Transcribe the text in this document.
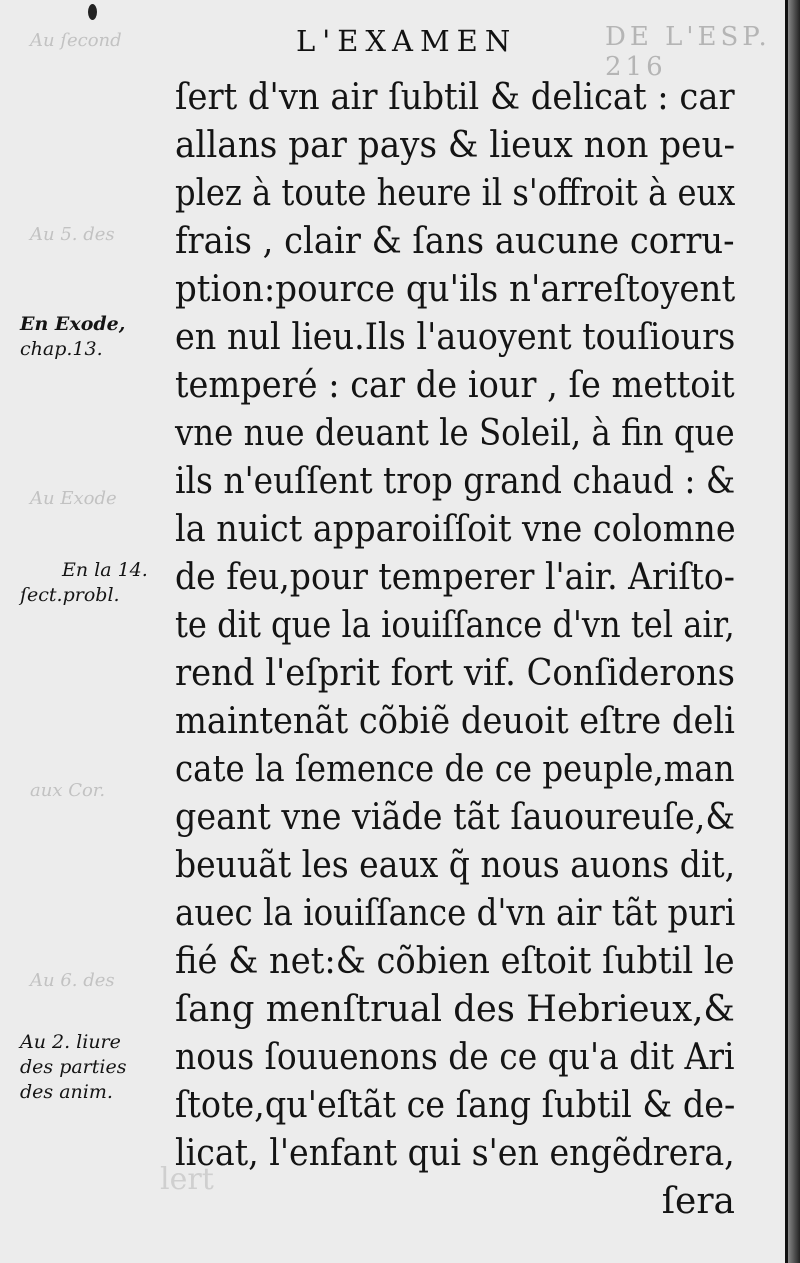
L'EXAMEN	DE L'ESP. 216
Au ſecond
Au 5. des
Au Exode
aux Cor.
Au 6. des
lert
En Exode,
chap.13.
En la 14.
ſect.probl.
Au 2. liure
des parties
des anim.
ſert d'vn air ſubtil & delicat : car
allans par pays & lieux non peu-
plez à toute heure il s'offroit à eux
frais , clair & ſans aucune corru-
ption:pource qu'ils n'arreſtoyent
en nul lieu.Ils l'auoyent touſiours
temperé : car de iour , ſe mettoit
vne nue deuant le Soleil, à fin que
ils n'euſſent trop grand chaud : &
la nuict apparoiſſoit vne colomne
de feu,pour temperer l'air. Ariſto-
te dit que la iouiſſance d'vn tel air,
rend l'eſprit fort vif. Conſiderons
maintenãt cõbiẽ deuoit eſtre deli
cate la ſemence de ce peuple,man
geant vne viãde tãt ſauoureuſe,&
beuuãt les eaux q̃ nous auons dit,
auec la iouiſſance d'vn air tãt puri
fié & net:& cõbien eſtoit ſubtil le
ſang menſtrual des Hebrieux,&
nous ſouuenons de ce qu'a dit Ari
ſtote,qu'eſtãt ce ſang ſubtil & de-
licat, l'enfant qui s'en engẽdrera,
ſera
